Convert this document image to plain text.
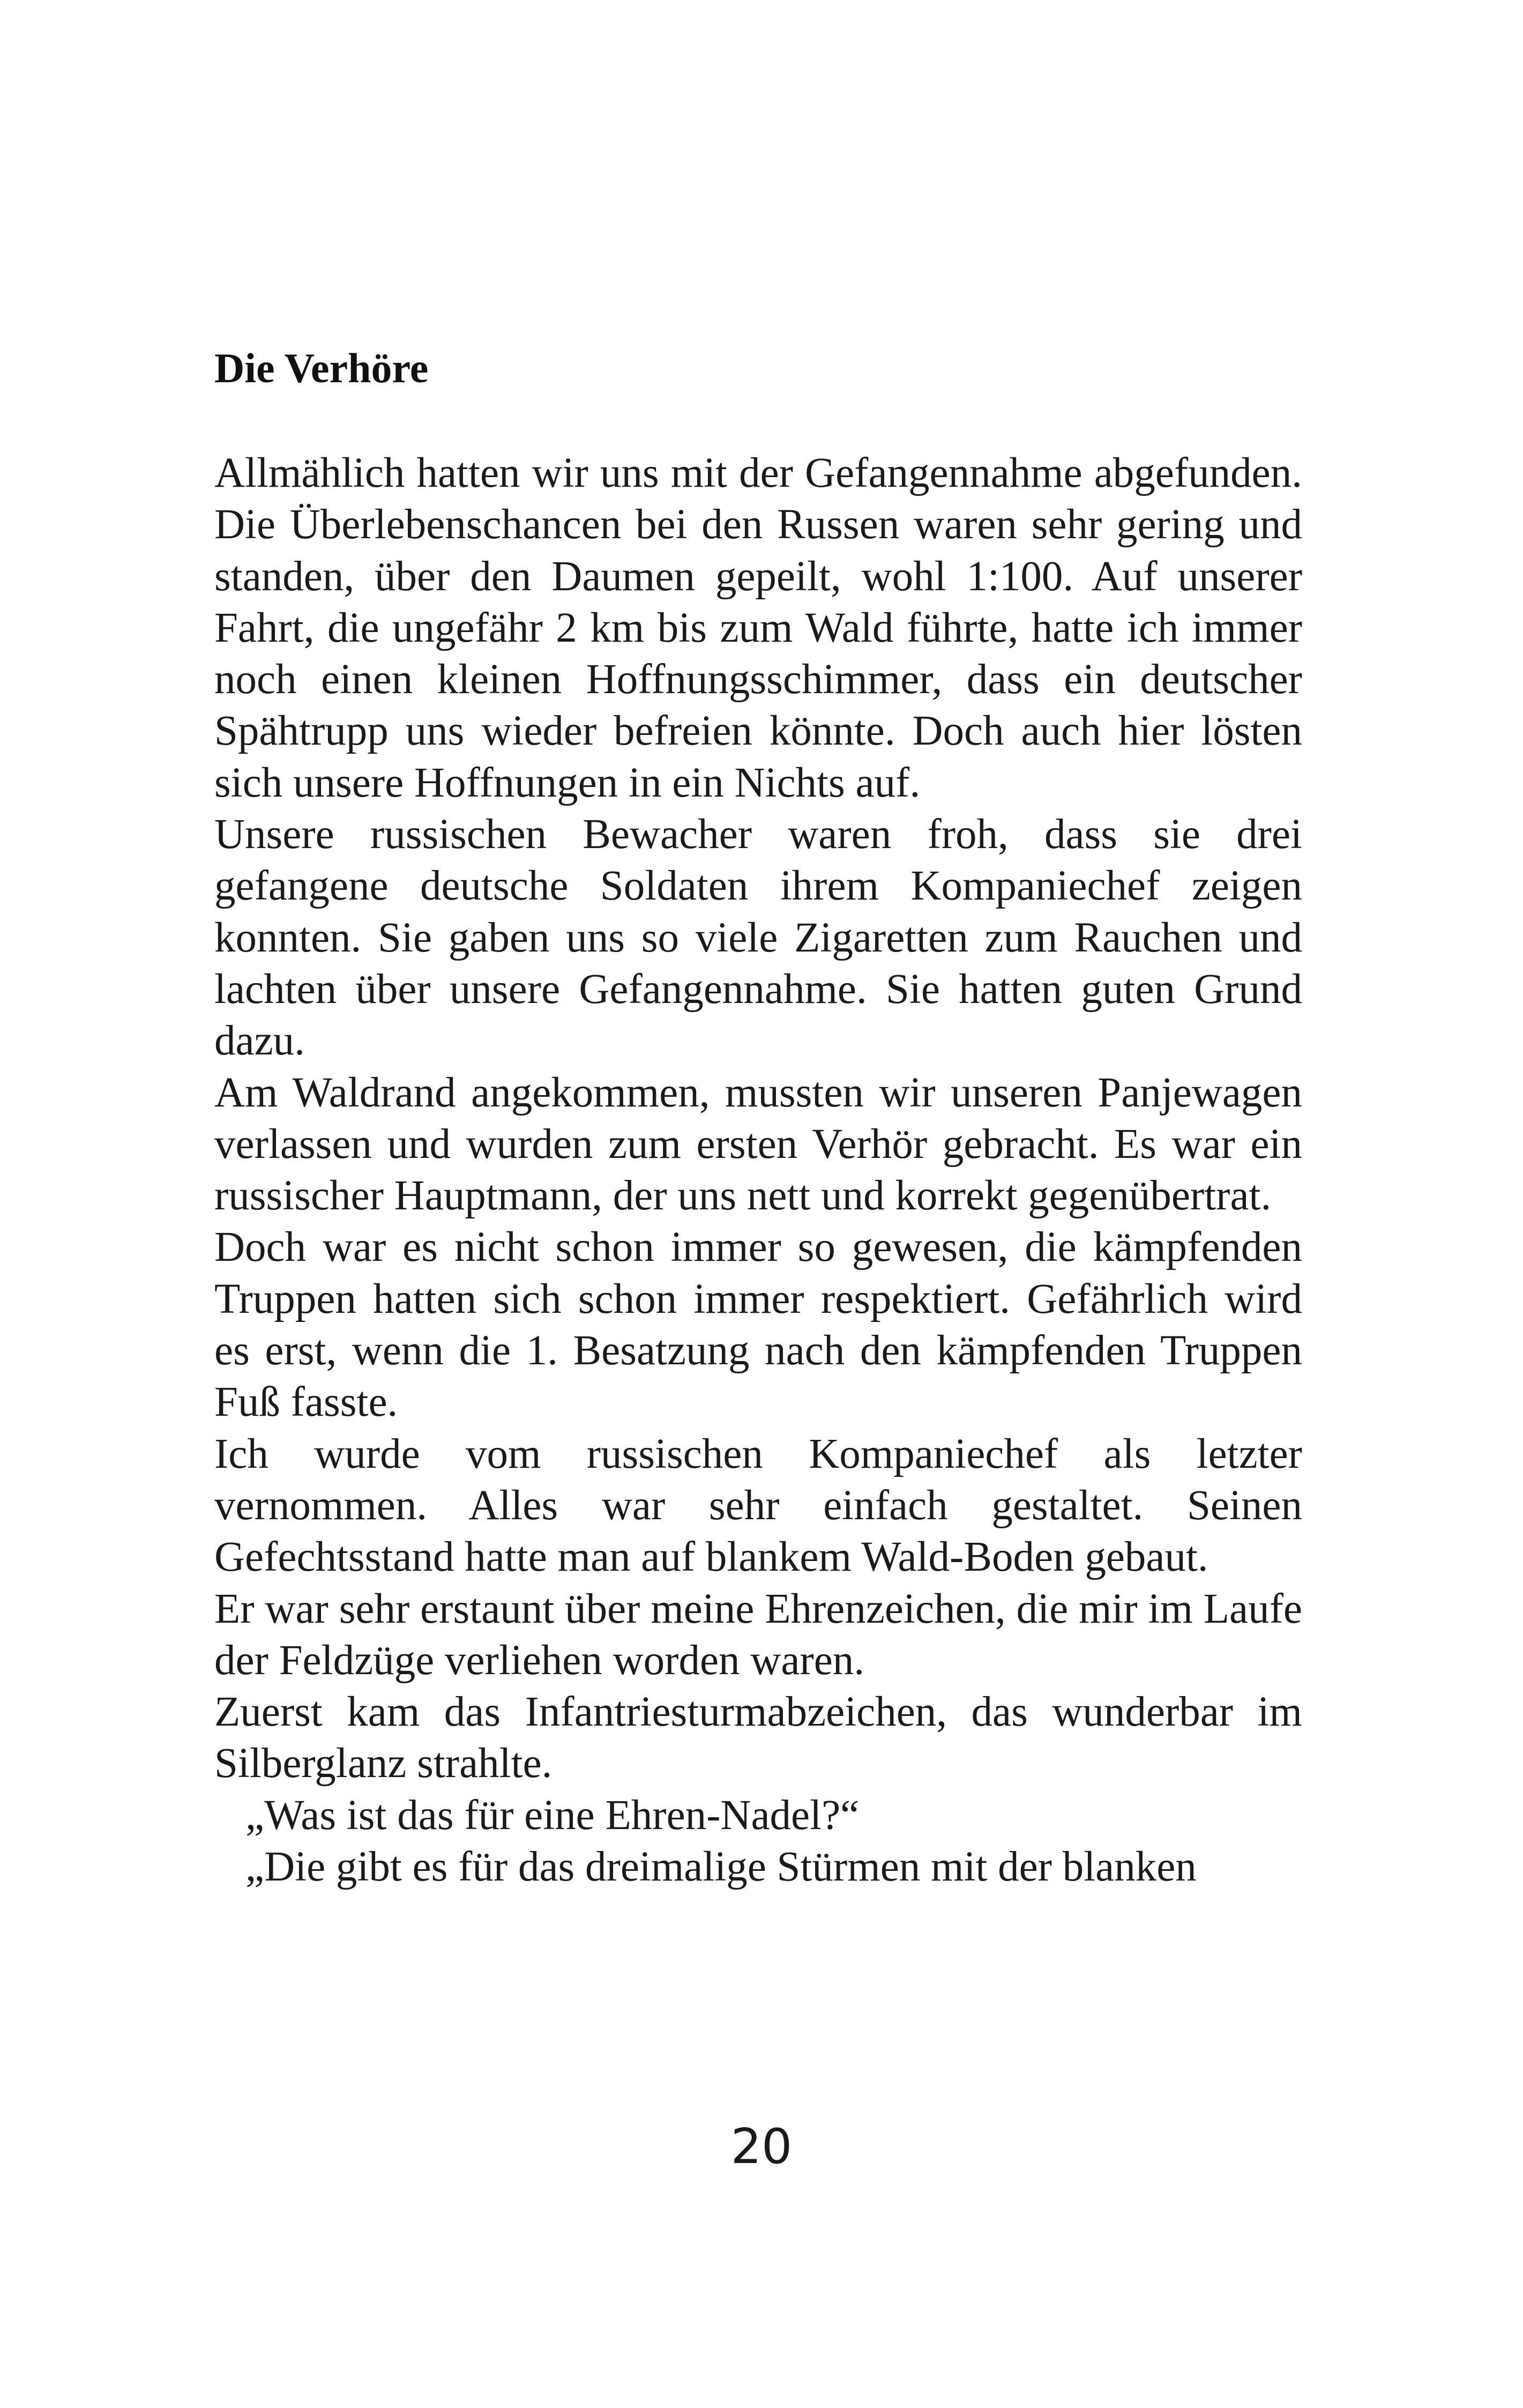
Die Verhöre

Allmählich hatten wir uns mit der Gefangennahme abgefunden. Die Überlebenschancen bei den Russen waren sehr gering und standen, über den Daumen gepeilt, wohl 1:100. Auf unserer Fahrt, die ungefähr 2 km bis zum Wald führte, hatte ich immer noch einen kleinen Hoffnungsschimmer, dass ein deutscher Spähtrupp uns wieder befreien könnte. Doch auch hier lösten sich unsere Hoffnungen in ein Nichts auf.

Unsere russischen Bewacher waren froh, dass sie drei gefangene deutsche Soldaten ihrem Kompaniechef zeigen konnten. Sie gaben uns so viele Zigaretten zum Rauchen und lachten über unsere Gefangennahme. Sie hatten guten Grund dazu.

Am Waldrand angekommen, mussten wir unseren Panjewagen verlassen und wurden zum ersten Verhör gebracht. Es war ein russischer Hauptmann, der uns nett und korrekt gegenübertrat.

Doch war es nicht schon immer so gewesen, die kämpfenden Truppen hatten sich schon immer respektiert. Gefährlich wird es erst, wenn die 1. Besatzung nach den kämpfenden Truppen Fuß fasste.

Ich wurde vom russischen Kompaniechef als letzter vernommen. Alles war sehr einfach gestaltet. Seinen Gefechtsstand hatte man auf blankem Wald-Boden gebaut.

Er war sehr erstaunt über meine Ehrenzeichen, die mir im Laufe der Feldzüge verliehen worden waren.

Zuerst kam das Infantriesturmabzeichen, das wunderbar im Silberglanz strahlte.

„Was ist das für eine Ehren-Nadel?“

„Die gibt es für das dreimalige Stürmen mit der blanken

20
